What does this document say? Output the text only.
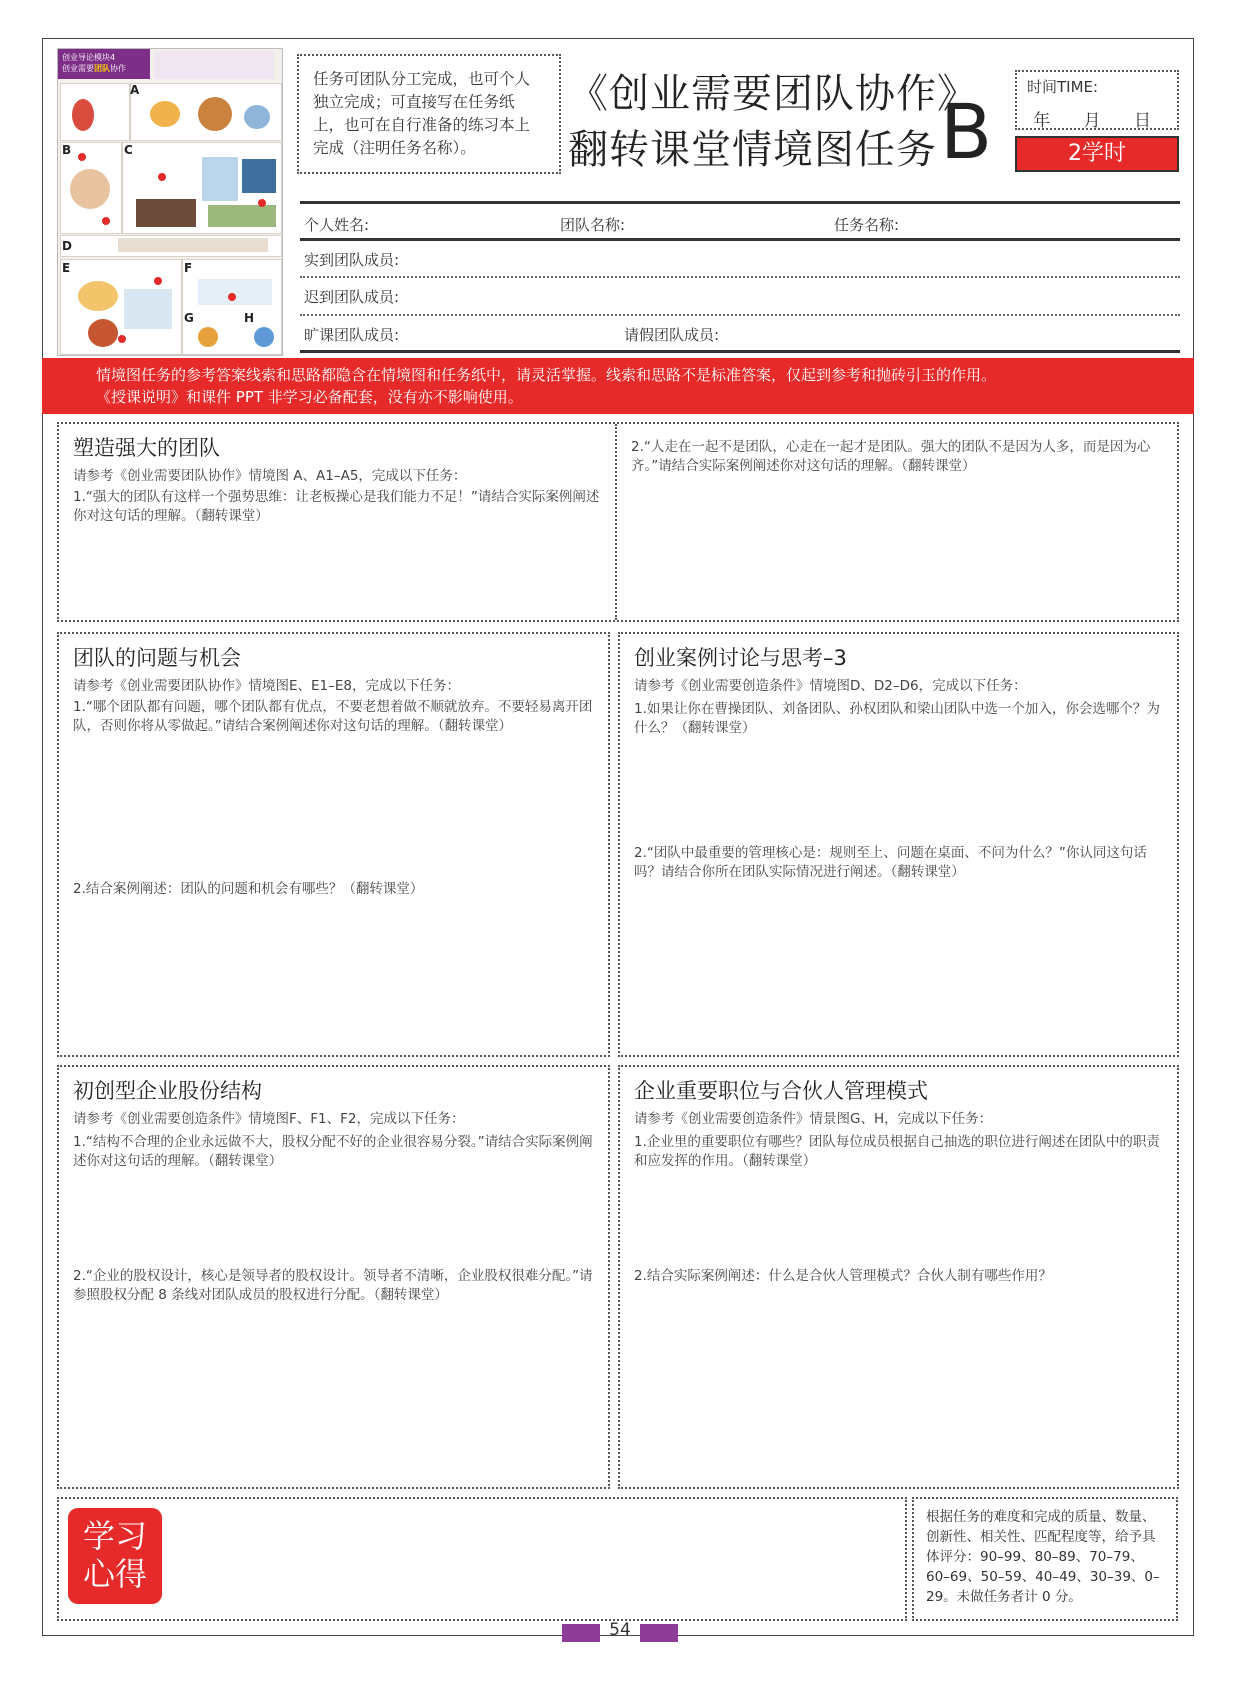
创业导论模块4
创业需要团队协作
A
B	C
D
E	F
G	H
任务可团队分工完成，也可个人独立完成；可直接写在任务纸上，也可在自行准备的练习本上完成（注明任务名称）。
《创业需要团队协作》
翻转课堂情境图任务 B 时间TIME:
年 月 日
2学时
个人姓名:	团队名称:	任务名称:
实到团队成员:
迟到团队成员:
旷课团队成员:	请假团队成员:
情境图任务的参考答案线索和思路都隐含在情境图和任务纸中，请灵活掌握。线索和思路不是标准答案，仅起到参考和抛砖引玉的作用。
《授课说明》和课件 PPT 非学习必备配套，没有亦不影响使用。
塑造强大的团队
请参考《创业需要团队协作》情境图 A、A1–A5，完成以下任务：
1.“强大的团队有这样一个强势思维：让老板操心是我们能力不足！”请结合实际案例阐述你对这句话的理解。（翻转课堂）
2.“人走在一起不是团队，心走在一起才是团队。强大的团队不是因为人多，而是因为心齐。”请结合实际案例阐述你对这句话的理解。（翻转课堂）
团队的问题与机会
请参考《创业需要团队协作》情境图E、E1–E8，完成以下任务：
1.“哪个团队都有问题，哪个团队都有优点，不要老想着做不顺就放弃。不要轻易离开团队，否则你将从零做起。”请结合案例阐述你对这句话的理解。（翻转课堂）
2.结合案例阐述：团队的问题和机会有哪些？（翻转课堂）
创业案例讨论与思考–3
请参考《创业需要创造条件》情境图D、D2–D6，完成以下任务：
1.如果让你在曹操团队、刘备团队、孙权团队和梁山团队中选一个加入，你会选哪个？为什么？（翻转课堂）
2.“团队中最重要的管理核心是：规则至上、问题在桌面、不问为什么？”你认同这句话吗？请结合你所在团队实际情况进行阐述。（翻转课堂）
初创型企业股份结构
请参考《创业需要创造条件》情境图F、F1、F2，完成以下任务：
1.“结构不合理的企业永远做不大，股权分配不好的企业很容易分裂。”请结合实际案例阐述你对这句话的理解。（翻转课堂）
2.“企业的股权设计，核心是领导者的股权设计。领导者不清晰，企业股权很难分配。”请参照股权分配 8 条线对团队成员的股权进行分配。（翻转课堂）
企业重要职位与合伙人管理模式
请参考《创业需要创造条件》情景图G、H，完成以下任务：
1.企业里的重要职位有哪些？团队每位成员根据自己抽选的职位进行阐述在团队中的职责和应发挥的作用。（翻转课堂）
2.结合实际案例阐述：什么是合伙人管理模式？合伙人制有哪些作用？
学习
心得
根据任务的难度和完成的质量、数量、创新性、相关性、匹配程度等，给予具体评分：90–99、80–89、70–79、60–69、50–59、40–49、30–39、0–29。未做任务者计 0 分。
54
